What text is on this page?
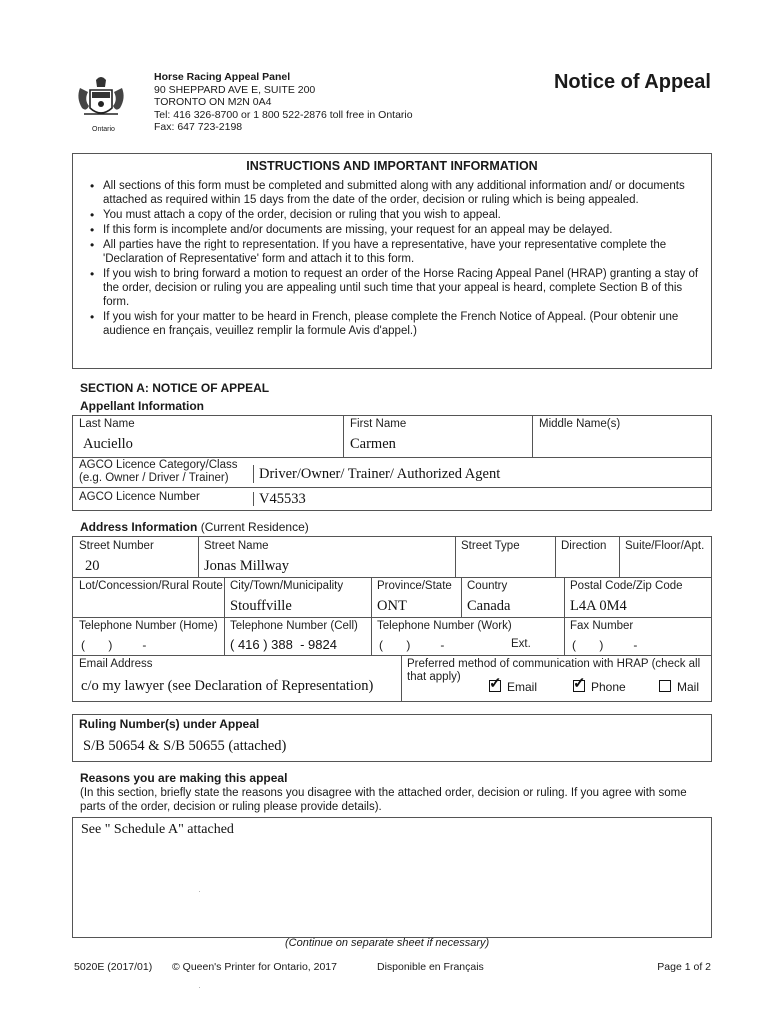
Ontario
Horse Racing Appeal Panel
90 SHEPPARD AVE E, SUITE 200
TORONTO ON M2N 0A4
Tel: 416 326-8700 or 1 800 522-2876 toll free in Ontario
Fax: 647 723-2198
Notice of Appeal
INSTRUCTIONS AND IMPORTANT INFORMATION
• All sections of this form must be completed and submitted along with any additional information and/ or documents attached as required within 15 days from the date of the order, decision or ruling which is being appealed.
• You must attach a copy of the order, decision or ruling that you wish to appeal.
• If this form is incomplete and/or documents are missing, your request for an appeal may be delayed.
• All parties have the right to representation. If you have a representative, have your representative complete the 'Declaration of Representative' form and attach it to this form.
• If you wish to bring forward a motion to request an order of the Horse Racing Appeal Panel (HRAP) granting a stay of the order, decision or ruling you are appealing until such time that your appeal is heard, complete Section B of this form.
• If you wish for your matter to be heard in French, please complete the French Notice of Appeal. (Pour obtenir une audience en français, veuillez remplir la formule Avis d'appel.)
SECTION A: NOTICE OF APPEAL
Appellant Information
Last Name
Auciello
First Name
Carmen
Middle Name(s)
AGCO Licence Category/Class
(e.g. Owner / Driver / Trainer)	Driver/Owner/ Trainer/ Authorized Agent
AGCO Licence Number	V45533
Address Information (Current Residence)
Street Number
20
Street Name
Jonas Millway
Street Type	Direction Suite/Floor/Apt.
Lot/Concession/Rural Route City/Town/Municipality
Stouffville
Province/State
ONT
Country
Canada
Postal Code/Zip Code
L4A 0M4
Telephone Number (Home)
(       )         -
Telephone Number (Cell)
( 416 ) 388  - 9824
Telephone Number (Work)
(       )         -	Ext.
Fax Number
(       )         -
Email Address
c/o my lawyer (see Declaration of Representation)
Preferred method of communication with HRAP (check all that apply)
✓Email
✓	Phone	Mail
Ruling Number(s) under Appeal
S/B 50654 & S/B 50655 (attached)
Reasons you are making this appeal
(In this section, briefly state the reasons you disagree with the attached order, decision or ruling. If you agree with some parts of the order, decision or ruling please provide details).
See " Schedule A" attached
(Continue on separate sheet if necessary)
5020E (2017/01) © Queen's Printer for Ontario, 2017	Disponible en Français	Page 1 of 2
·
·
